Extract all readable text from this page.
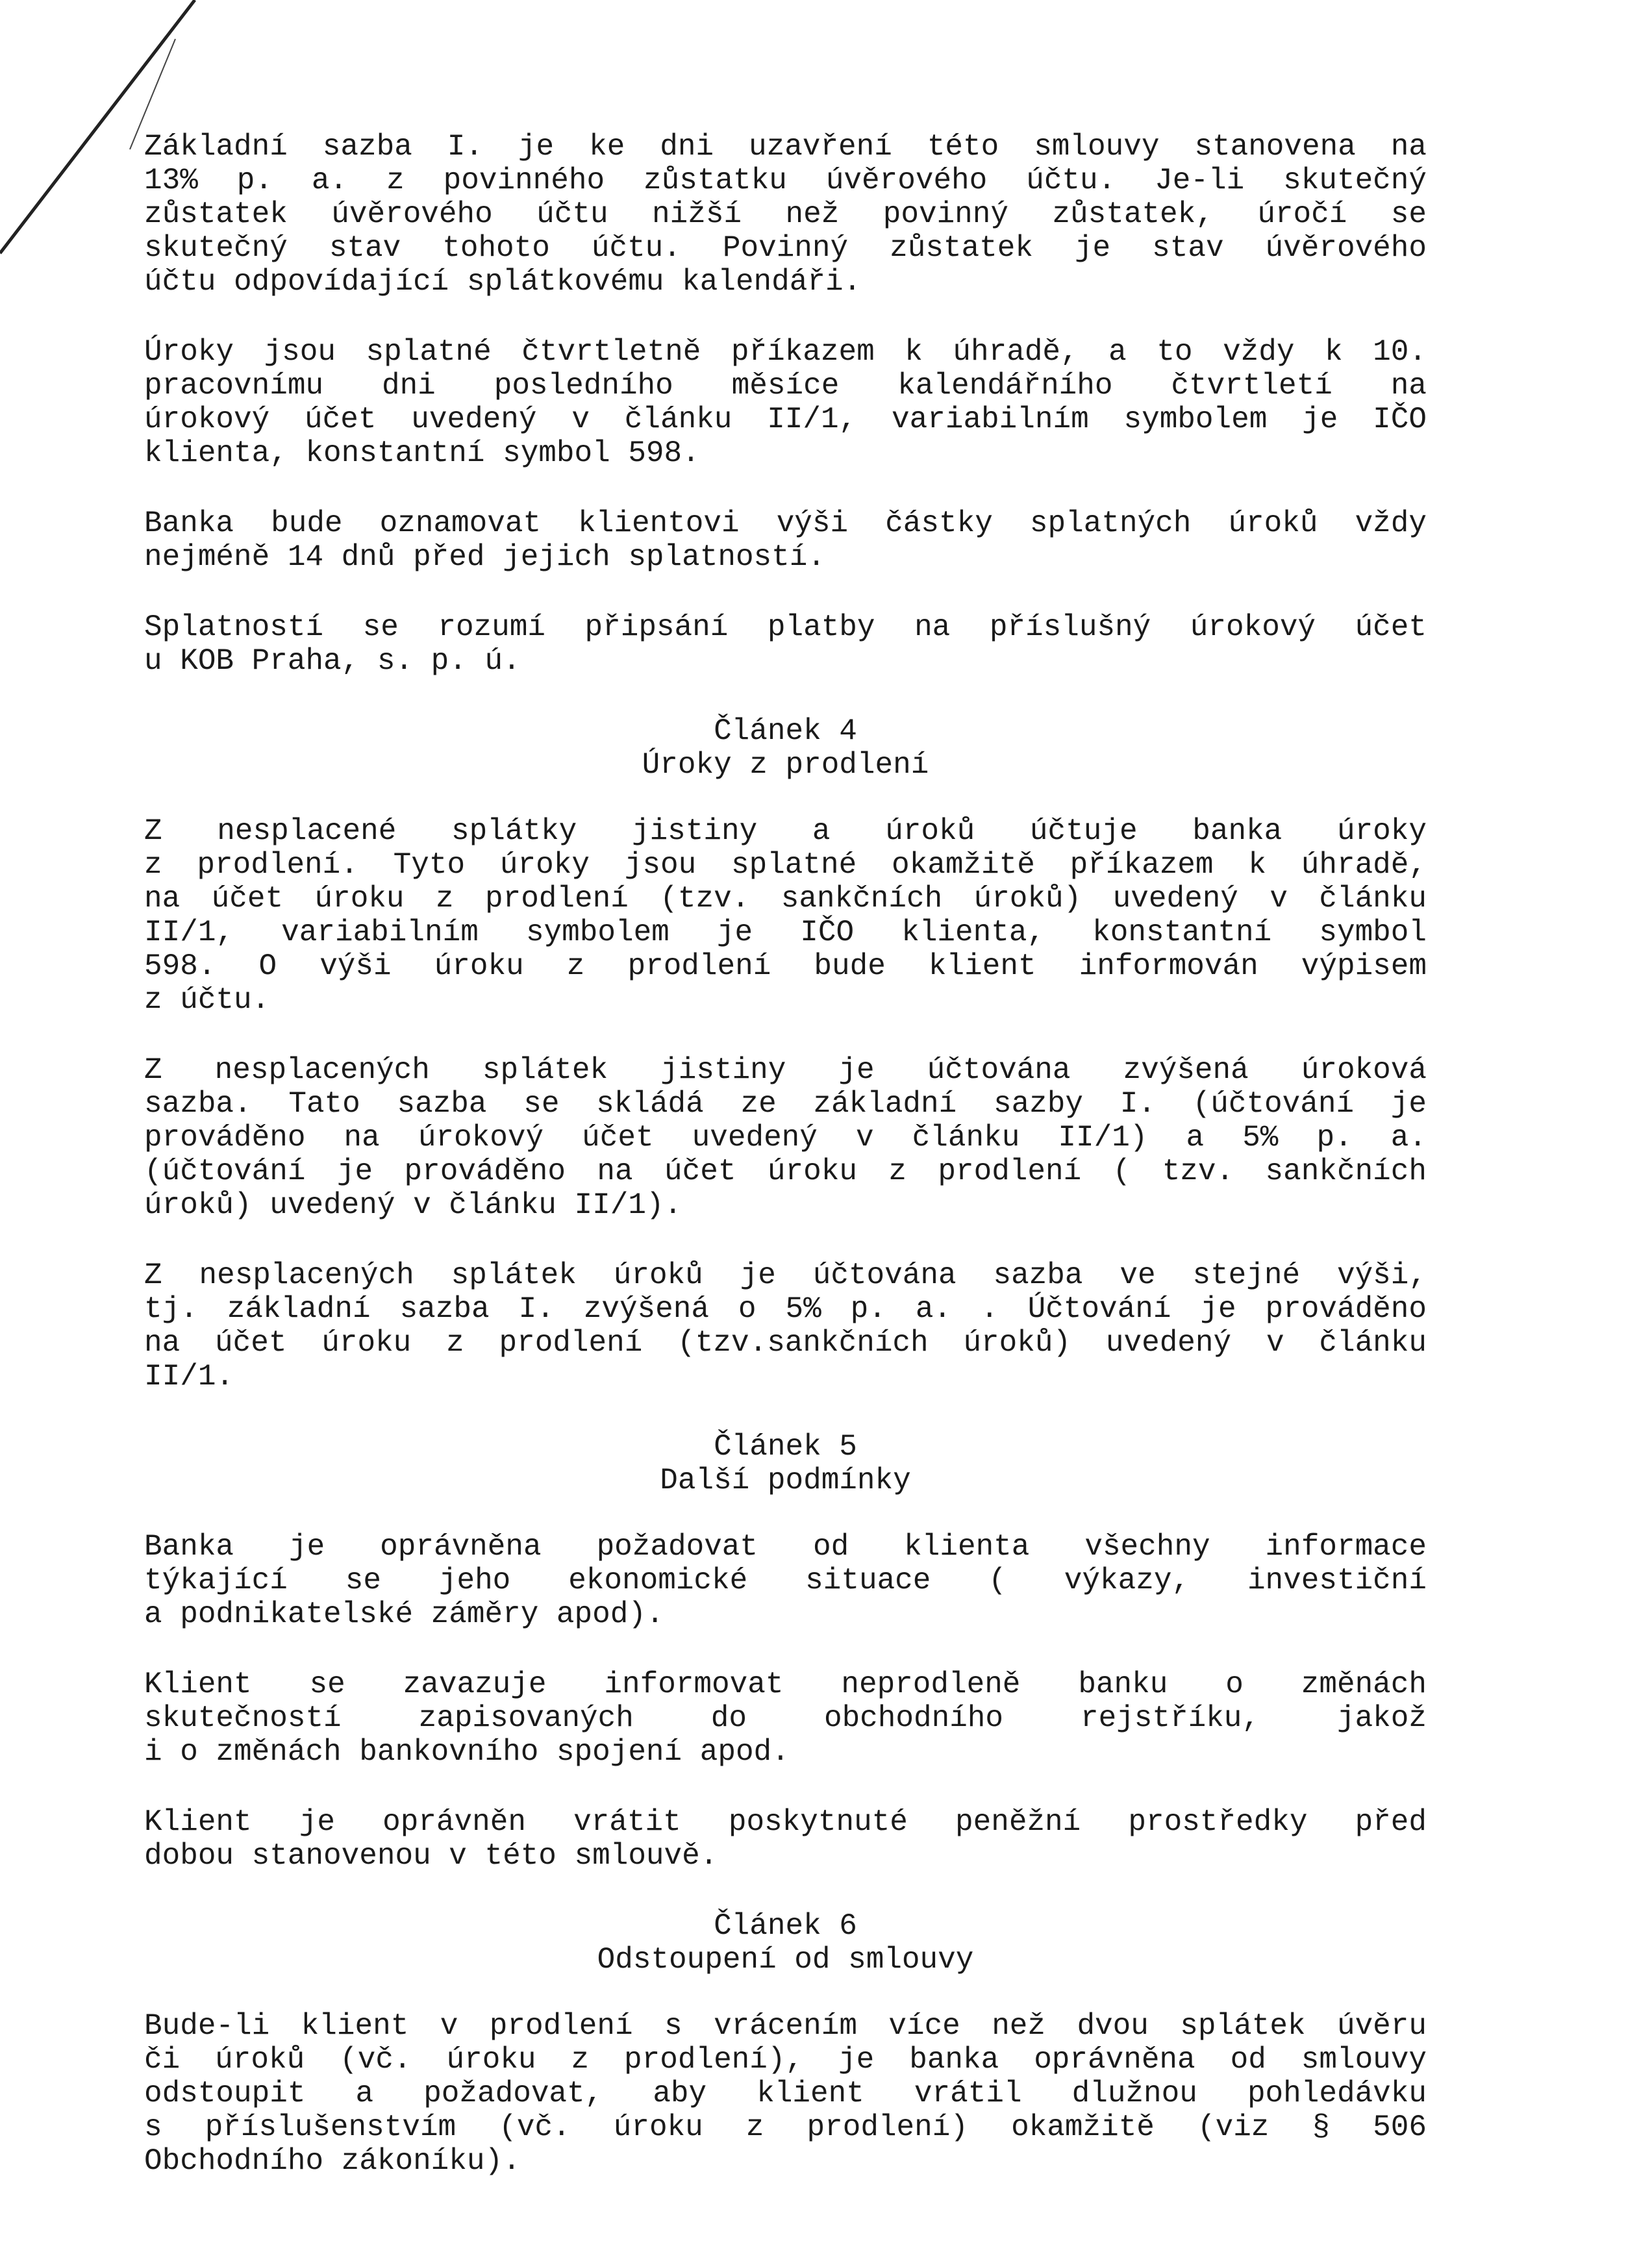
Základní sazba I. je ke dni uzavření této smlouvy stanovena na
13% p. a. z povinného zůstatku úvěrového účtu. Je-li skutečný
zůstatek úvěrového účtu nižší než povinný zůstatek, úročí se
skutečný stav tohoto účtu. Povinný zůstatek je stav úvěrového
účtu odpovídající splátkovému kalendáři.
Úroky jsou splatné čtvrtletně příkazem k úhradě, a to vždy k 10.
pracovnímu dni posledního měsíce kalendářního čtvrtletí na
úrokový účet uvedený v článku II/1, variabilním symbolem je IČO
klienta, konstantní symbol 598.
Banka bude oznamovat klientovi výši částky splatných úroků vždy
nejméně 14 dnů před jejich splatností.
Splatností se rozumí připsání platby na příslušný úrokový účet
u KOB Praha, s. p. ú.
Článek 4
Úroky z prodlení
Z nesplacené splátky jistiny a úroků účtuje banka úroky
z prodlení. Tyto úroky jsou splatné okamžitě příkazem k úhradě,
na účet úroku z prodlení (tzv. sankčních úroků) uvedený v článku
II/1, variabilním symbolem je IČO klienta, konstantní symbol
598. O výši úroku z prodlení bude klient informován výpisem
z účtu.
Z nesplacených splátek jistiny je účtována zvýšená úroková
sazba. Tato sazba se skládá ze základní sazby I. (účtování je
prováděno na úrokový účet uvedený v článku II/1) a 5% p. a.
(účtování je prováděno na účet úroku z prodlení ( tzv. sankčních
úroků) uvedený v článku II/1).
Z nesplacených splátek úroků je účtována sazba ve stejné výši,
tj. základní sazba I. zvýšená o 5% p. a. . Účtování je prováděno
na účet úroku z prodlení (tzv.sankčních úroků) uvedený v článku
II/1.
Článek 5
Další podmínky
Banka je oprávněna požadovat od klienta všechny informace
týkající se jeho ekonomické situace ( výkazy, investiční
a podnikatelské záměry apod).
Klient se zavazuje informovat neprodleně banku o změnách
skutečností zapisovaných do obchodního rejstříku, jakož
i o změnách bankovního spojení apod.
Klient je oprávněn vrátit poskytnuté peněžní prostředky před
dobou stanovenou v této smlouvě.
Článek 6
Odstoupení od smlouvy
Bude-li klient v prodlení s vrácením více než dvou splátek úvěru
či úroků (vč. úroku z prodlení), je banka oprávněna od smlouvy
odstoupit a požadovat, aby klient vrátil dlužnou pohledávku
s příslušenstvím (vč. úroku z prodlení) okamžitě (viz § 506
Obchodního zákoníku).
